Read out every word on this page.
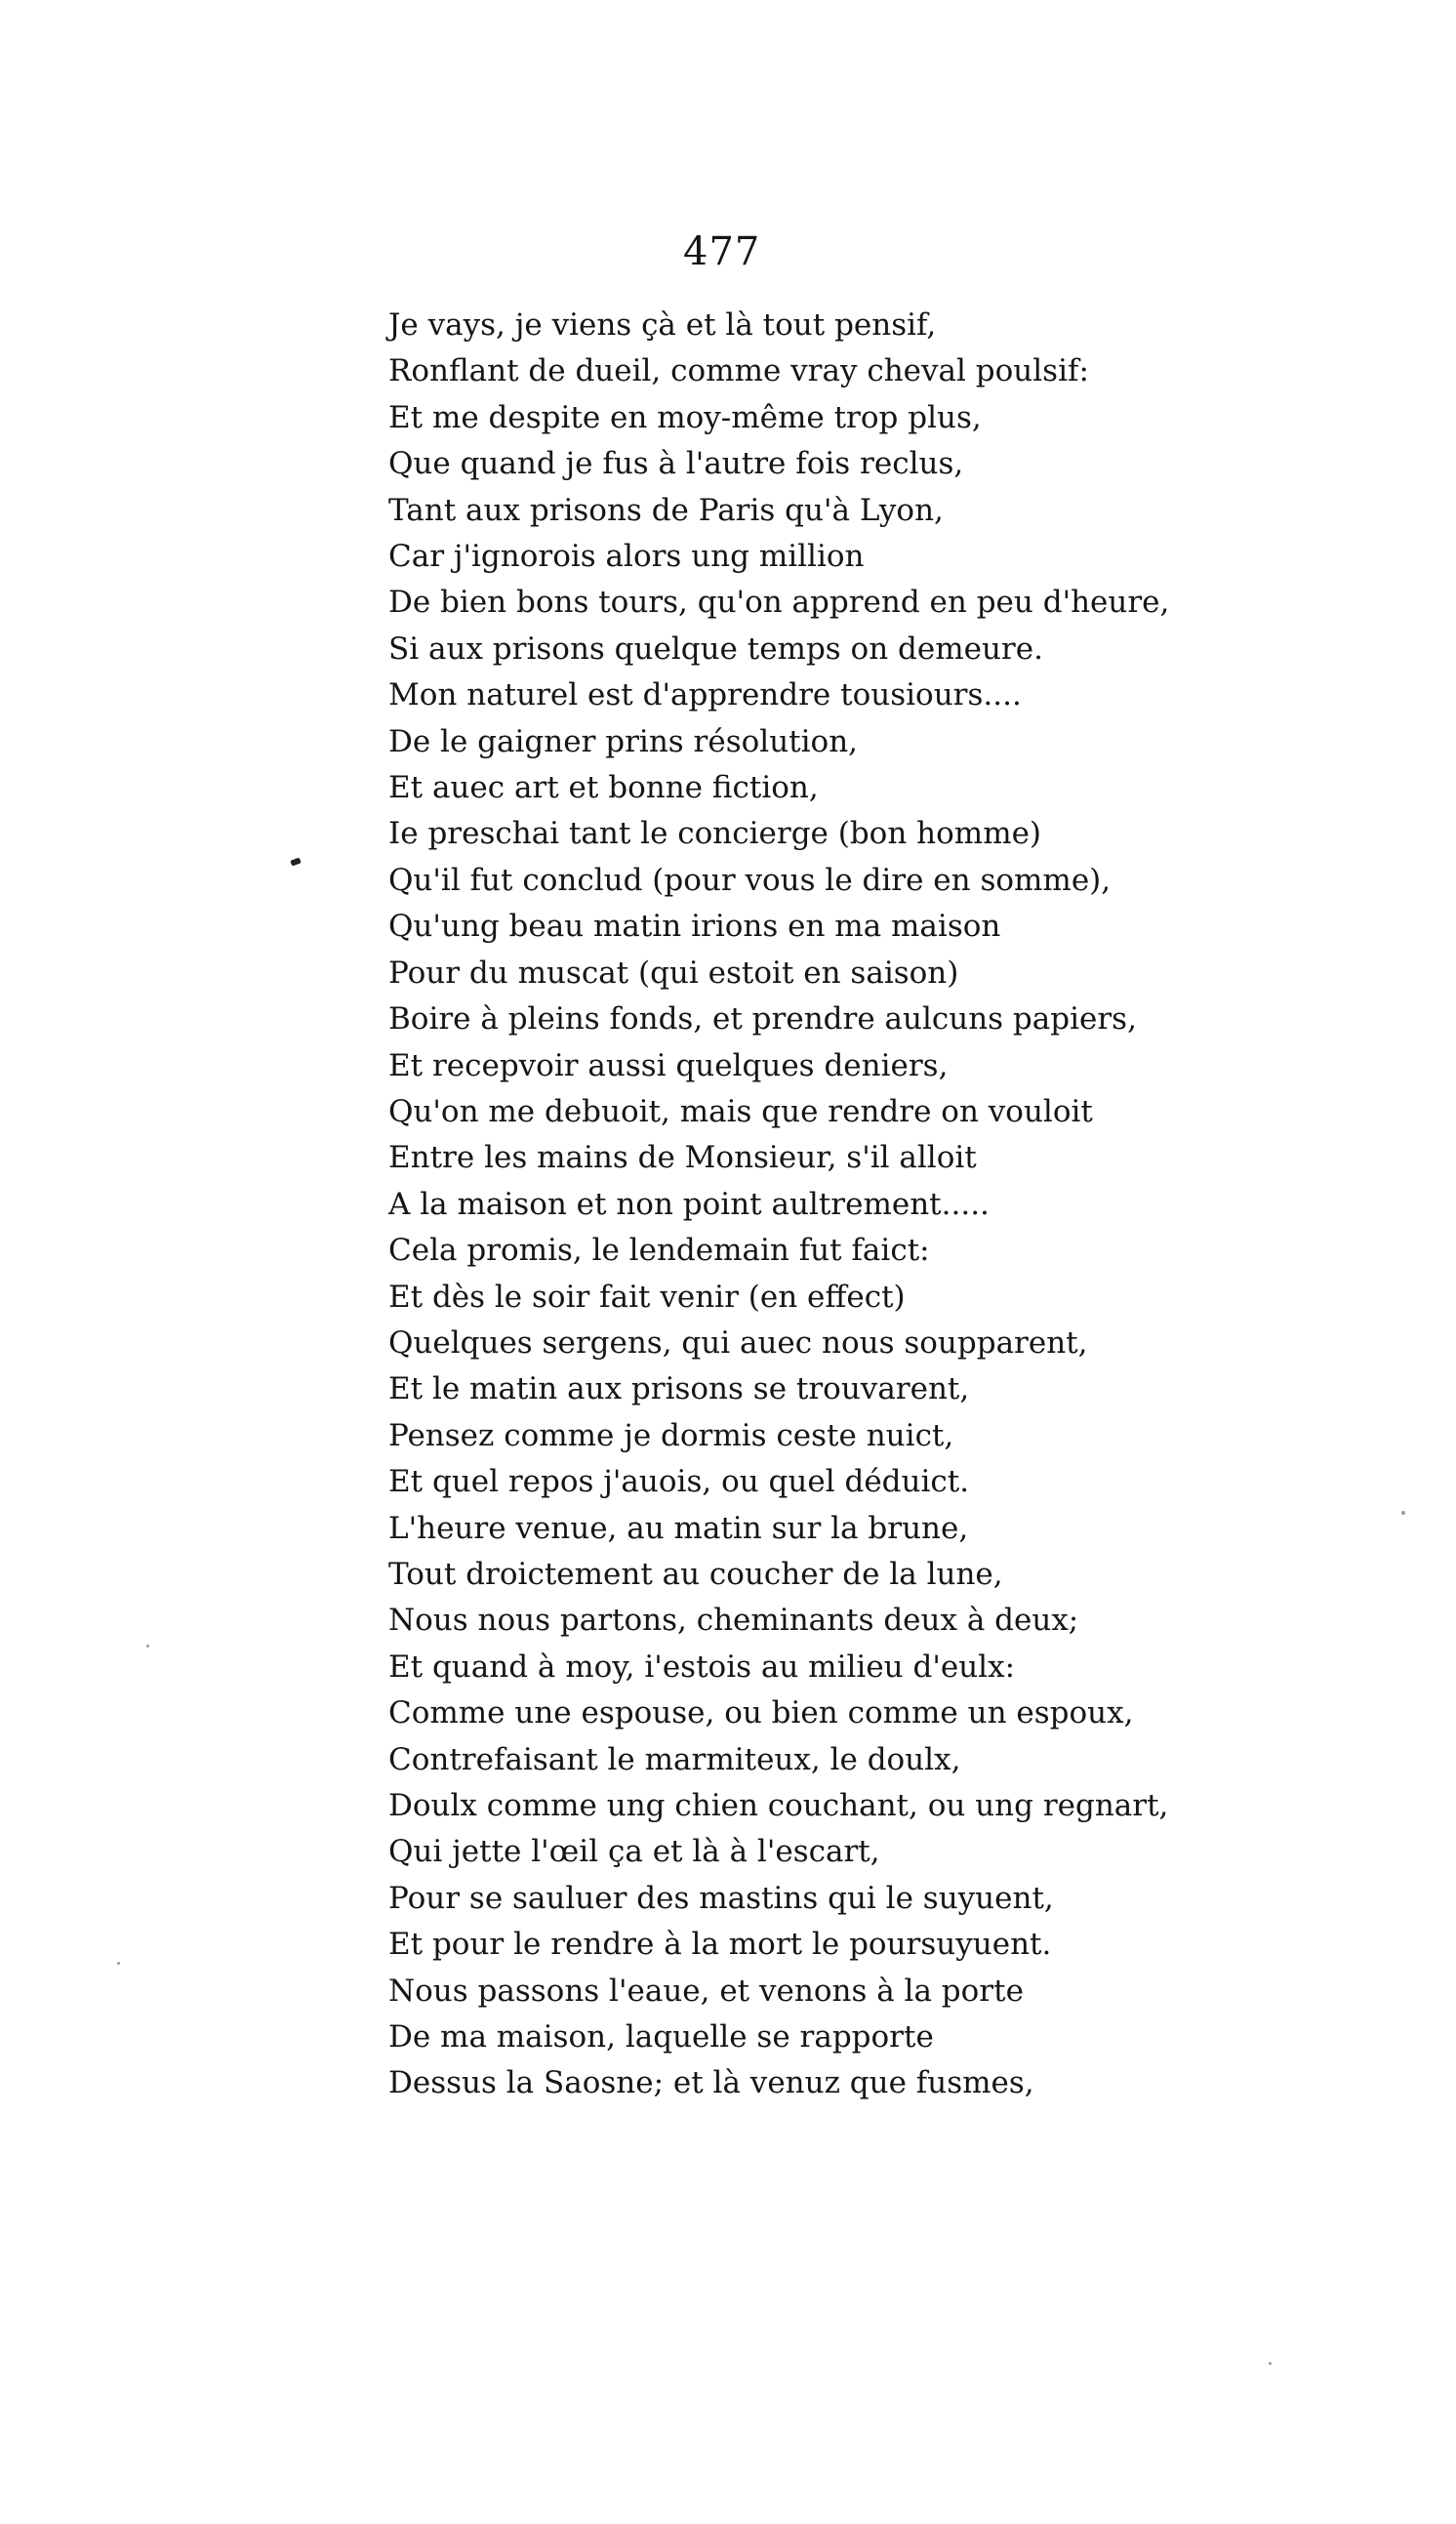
477
Je vays, je viens çà et là tout pensif,
Ronflant de dueil, comme vray cheval poulsif:
Et me despite en moy-même trop plus,
Que quand je fus à l'autre fois reclus,
Tant aux prisons de Paris qu'à Lyon,
Car j'ignorois alors ung million
De bien bons tours, qu'on apprend en peu d'heure,
Si aux prisons quelque temps on demeure.
Mon naturel est d'apprendre tousiours....
De le gaigner prins résolution,
Et auec art et bonne fiction,
Ie preschai tant le concierge (bon homme)
Qu'il fut conclud (pour vous le dire en somme),
Qu'ung beau matin irions en ma maison
Pour du muscat (qui estoit en saison)
Boire à pleins fonds, et prendre aulcuns papiers,
Et recepvoir aussi quelques deniers,
Qu'on me debuoit, mais que rendre on vouloit
Entre les mains de Monsieur, s'il alloit
A la maison et non point aultrement.....
Cela promis, le lendemain fut faict:
Et dès le soir fait venir (en effect)
Quelques sergens, qui auec nous soupparent,
Et le matin aux prisons se trouvarent,
Pensez comme je dormis ceste nuict,
Et quel repos j'auois, ou quel déduict.
L'heure venue, au matin sur la brune,
Tout droictement au coucher de la lune,
Nous nous partons, cheminants deux à deux;
Et quand à moy, i'estois au milieu d'eulx:
Comme une espouse, ou bien comme un espoux,
Contrefaisant le marmiteux, le doulx,
Doulx comme ung chien couchant, ou ung regnart,
Qui jette l'œil ça et là à l'escart,
Pour se sauluer des mastins qui le suyuent,
Et pour le rendre à la mort le poursuyuent.
Nous passons l'eaue, et venons à la porte
De ma maison, laquelle se rapporte
Dessus la Saosne; et là venuz que fusmes,
